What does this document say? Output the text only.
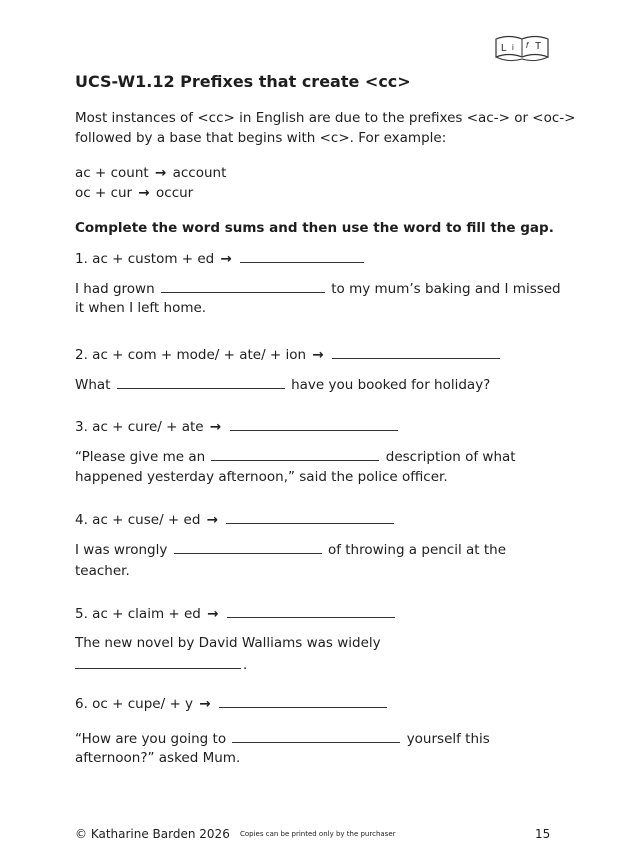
L i f T
UCS-W1.12 Prefixes that create <cc>
Most instances of <cc> in English are due to the prefixes <ac-> or <oc->
followed by a base that begins with <c>. For example:
ac + count → account
oc + cur → occur
Complete the word sums and then use the word to fill the gap.
1. ac + custom + ed →
I had grown	to my mum’s baking and I missed
it when I left home.
2. ac + com + mode/ + ate/ + ion →
What	have you booked for holiday?
3. ac + cure/ + ate →
“Please give me an	description of what
happened yesterday afternoon,” said the police officer.
4. ac + cuse/ + ed →
I was wrongly	of throwing a pencil at the
teacher.
5. ac + claim + ed →
The new novel by David Walliams was widely
.
6. oc + cupe/ + y →
“How are you going to	yourself this
afternoon?” asked Mum.
© Katharine Barden 2026 Copies can be printed only by the purchaser	15
